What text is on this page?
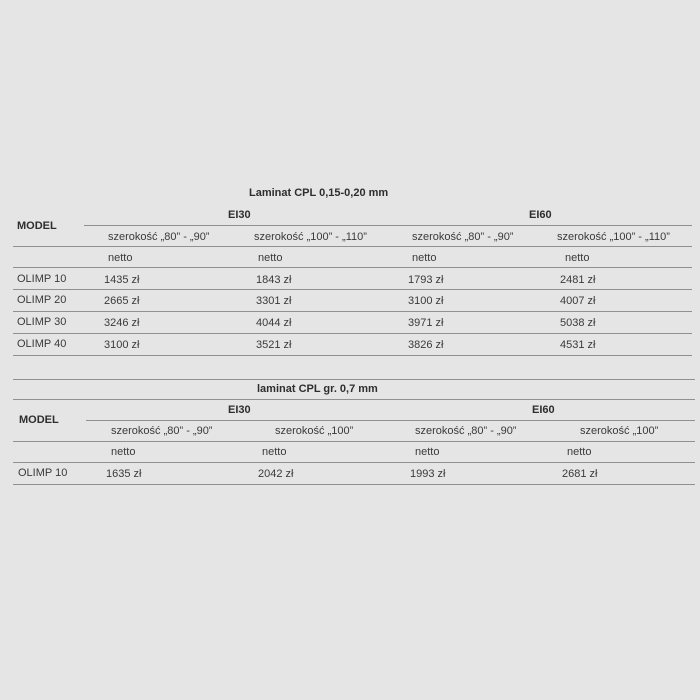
Laminat CPL 0,15-0,20 mm
MODEL
EI30	EI60
szerokość „80” - „90”	szerokość „100” - „110”	szerokość „80” - „90”	szerokość „100” - „110”
netto	netto	netto	netto
OLIMP 10	1435 zł	1843 zł	1793 zł	2481 zł
OLIMP 20	2665 zł	3301 zł	3100 zł	4007 zł
OLIMP 30	3246 zł	4044 zł	3971 zł	5038 zł
OLIMP 40	3100 zł	3521 zł	3826 zł	4531 zł
laminat CPL gr. 0,7 mm
MODEL
EI30	EI60
szerokość „80” - „90”	szerokość „100”	szerokość „80” - „90”	szerokość „100”
netto	netto	netto	netto
OLIMP 10	1635 zł	2042 zł	1993 zł	2681 zł
